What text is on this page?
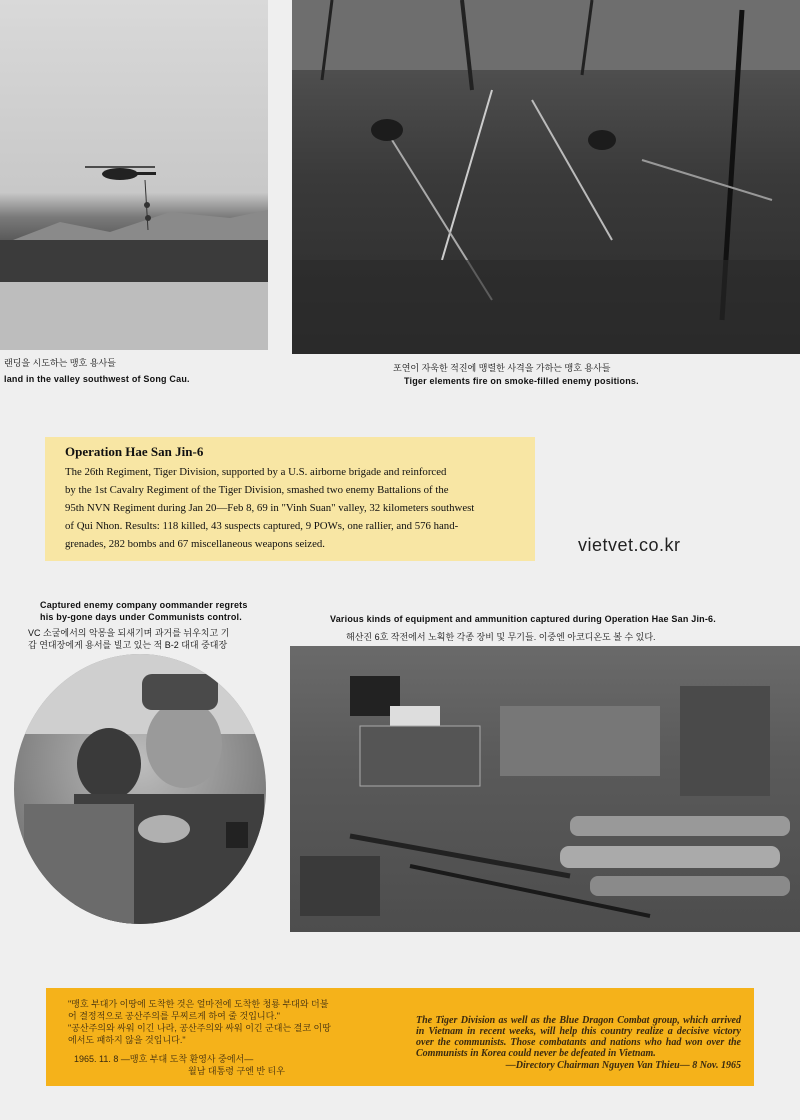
랜딩을 시도하는 맹호 용사들
land in the valley southwest of Song Cau.
포연이 자욱한 적진에 맹렬한 사격을 가하는 맹호 용사들
Tiger elements fire on smoke-filled enemy positions.

Operation Hae San Jin-6

The 26th Regiment, Tiger Division, supported by a U.S. airborne brigade and reinforced
by the 1st Cavalry Regiment of the Tiger Division, smashed two enemy Battalions of the
95th NVN Regiment during Jan 20—Feb 8, 69 in "Vinh Suan" valley, 32 kilometers southwest
of Qui Nhon. Results: 118 killed, 43 suspects captured, 9 POWs, one rallier, and 576 hand-
grenades, 282 bombs and 67 miscellaneous weapons seized.	vietvet.co.kr
Captured enemy company oommander regrets
his by-gone days under Communists control.
VC 소굴에서의 악몽을 되새기며 과거를 뉘우치고 기
갑 연대장에게 용서를 빌고 있는 적 B-2 대대 중대장
Various kinds of equipment and ammunition captured during Operation Hae San Jin-6.
해산진 6호 작전에서 노획한 각종 장비 및 무기들. 이중엔 아코디온도 볼 수 있다.
"맹호 부대가 이땅에 도착한 것은 얼마전에 도착한 청룡 부대와 더불
어 결정적으로 공산주의를 무찌르게 하여 줄 것입니다."
"공산주의와 싸워 이긴 나라, 공산주의와 싸워 이긴 군대는 결코 이땅
에서도 패하지 않을 것입니다."
1965. 11. 8 —맹호 부대 도착 환영사 중에서—
월남 대통령 구엔 반 티우
The Tiger Division as well as the Blue Dragon Combat group, which arrived in Vietnam in recent weeks, will help this country realize a decisive victory over the communists. Those combatants and nations who had won over the Communists in Korea could never be defeated in Vietnam.
—Directory Chairman Nguyen Van Thieu— 8 Nov. 1965
